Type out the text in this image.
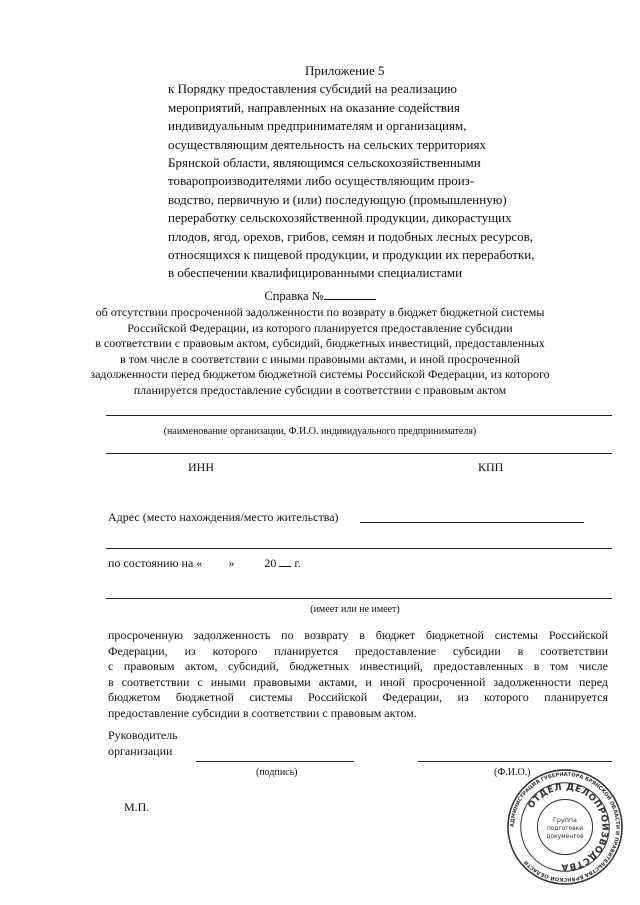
Приложение 5
к Порядку предоставления субсидий на реализацию
мероприятий, направленных на оказание содействия
индивидуальным предпринимателям и организациям,
осуществляющим деятельность на сельских территориях
Брянской области, являющимся сельскохозяйственными
товаропроизводителями либо осуществляющим произ-
водство, первичную и (или) последующую (промышленную)
переработку сельскохозяйственной продукции, дикорастущих
плодов, ягод, орехов, грибов, семян и подобных лесных ресурсов,
относящихся к пищевой продукции, и продукции их переработки,
в обеспечении квалифицированными специалистами
Справка №
об отсутствии просроченной задолженности по возврату в бюджет бюджетной системы
Российской Федерации, из которого планируется предоставление субсидии
в соответствии с правовым актом, субсидий, бюджетных инвестиций, предоставленных
в том числе в соответствии с иными правовыми актами, и иной просроченной
задолженности перед бюджетом бюджетной системы Российской Федерации, из которого
планируется предоставление субсидии в соответствии с правовым актом
(наименование организации, Ф.И.О. индивидуального предпринимателя)
ИНН	КПП
Адрес (место нахождения/место жительства)
по состоянию на « »	20 г.
(имеет или не имеет)
просроченную задолженность по возврату в бюджет бюджетной системы Российской
Федерации, из которого планируется предоставление субсидии в соответствии
с правовым актом, субсидий, бюджетных инвестиций, предоставленных в том числе
в соответствии с иными правовыми актами, и иной просроченной задолженности перед
бюджетом бюджетной системы Российской Федерации, из которого планируется
предоставление субсидии в соответствии с правовым актом.
Руководитель
организации
(подпись)	(Ф.И.О.)
М.П.
АДМИНИСТРАЦИЯ ГУБЕРНАТОРА БРЯНСКОЙ ОБЛАСТИ И ПРАВИТЕЛЬСТВА БРЯНСКОЙ ОБЛАСТИ
ОТДЕЛ ДЕЛОПРОИЗВОДСТВА
Группа
подготовки
документов
